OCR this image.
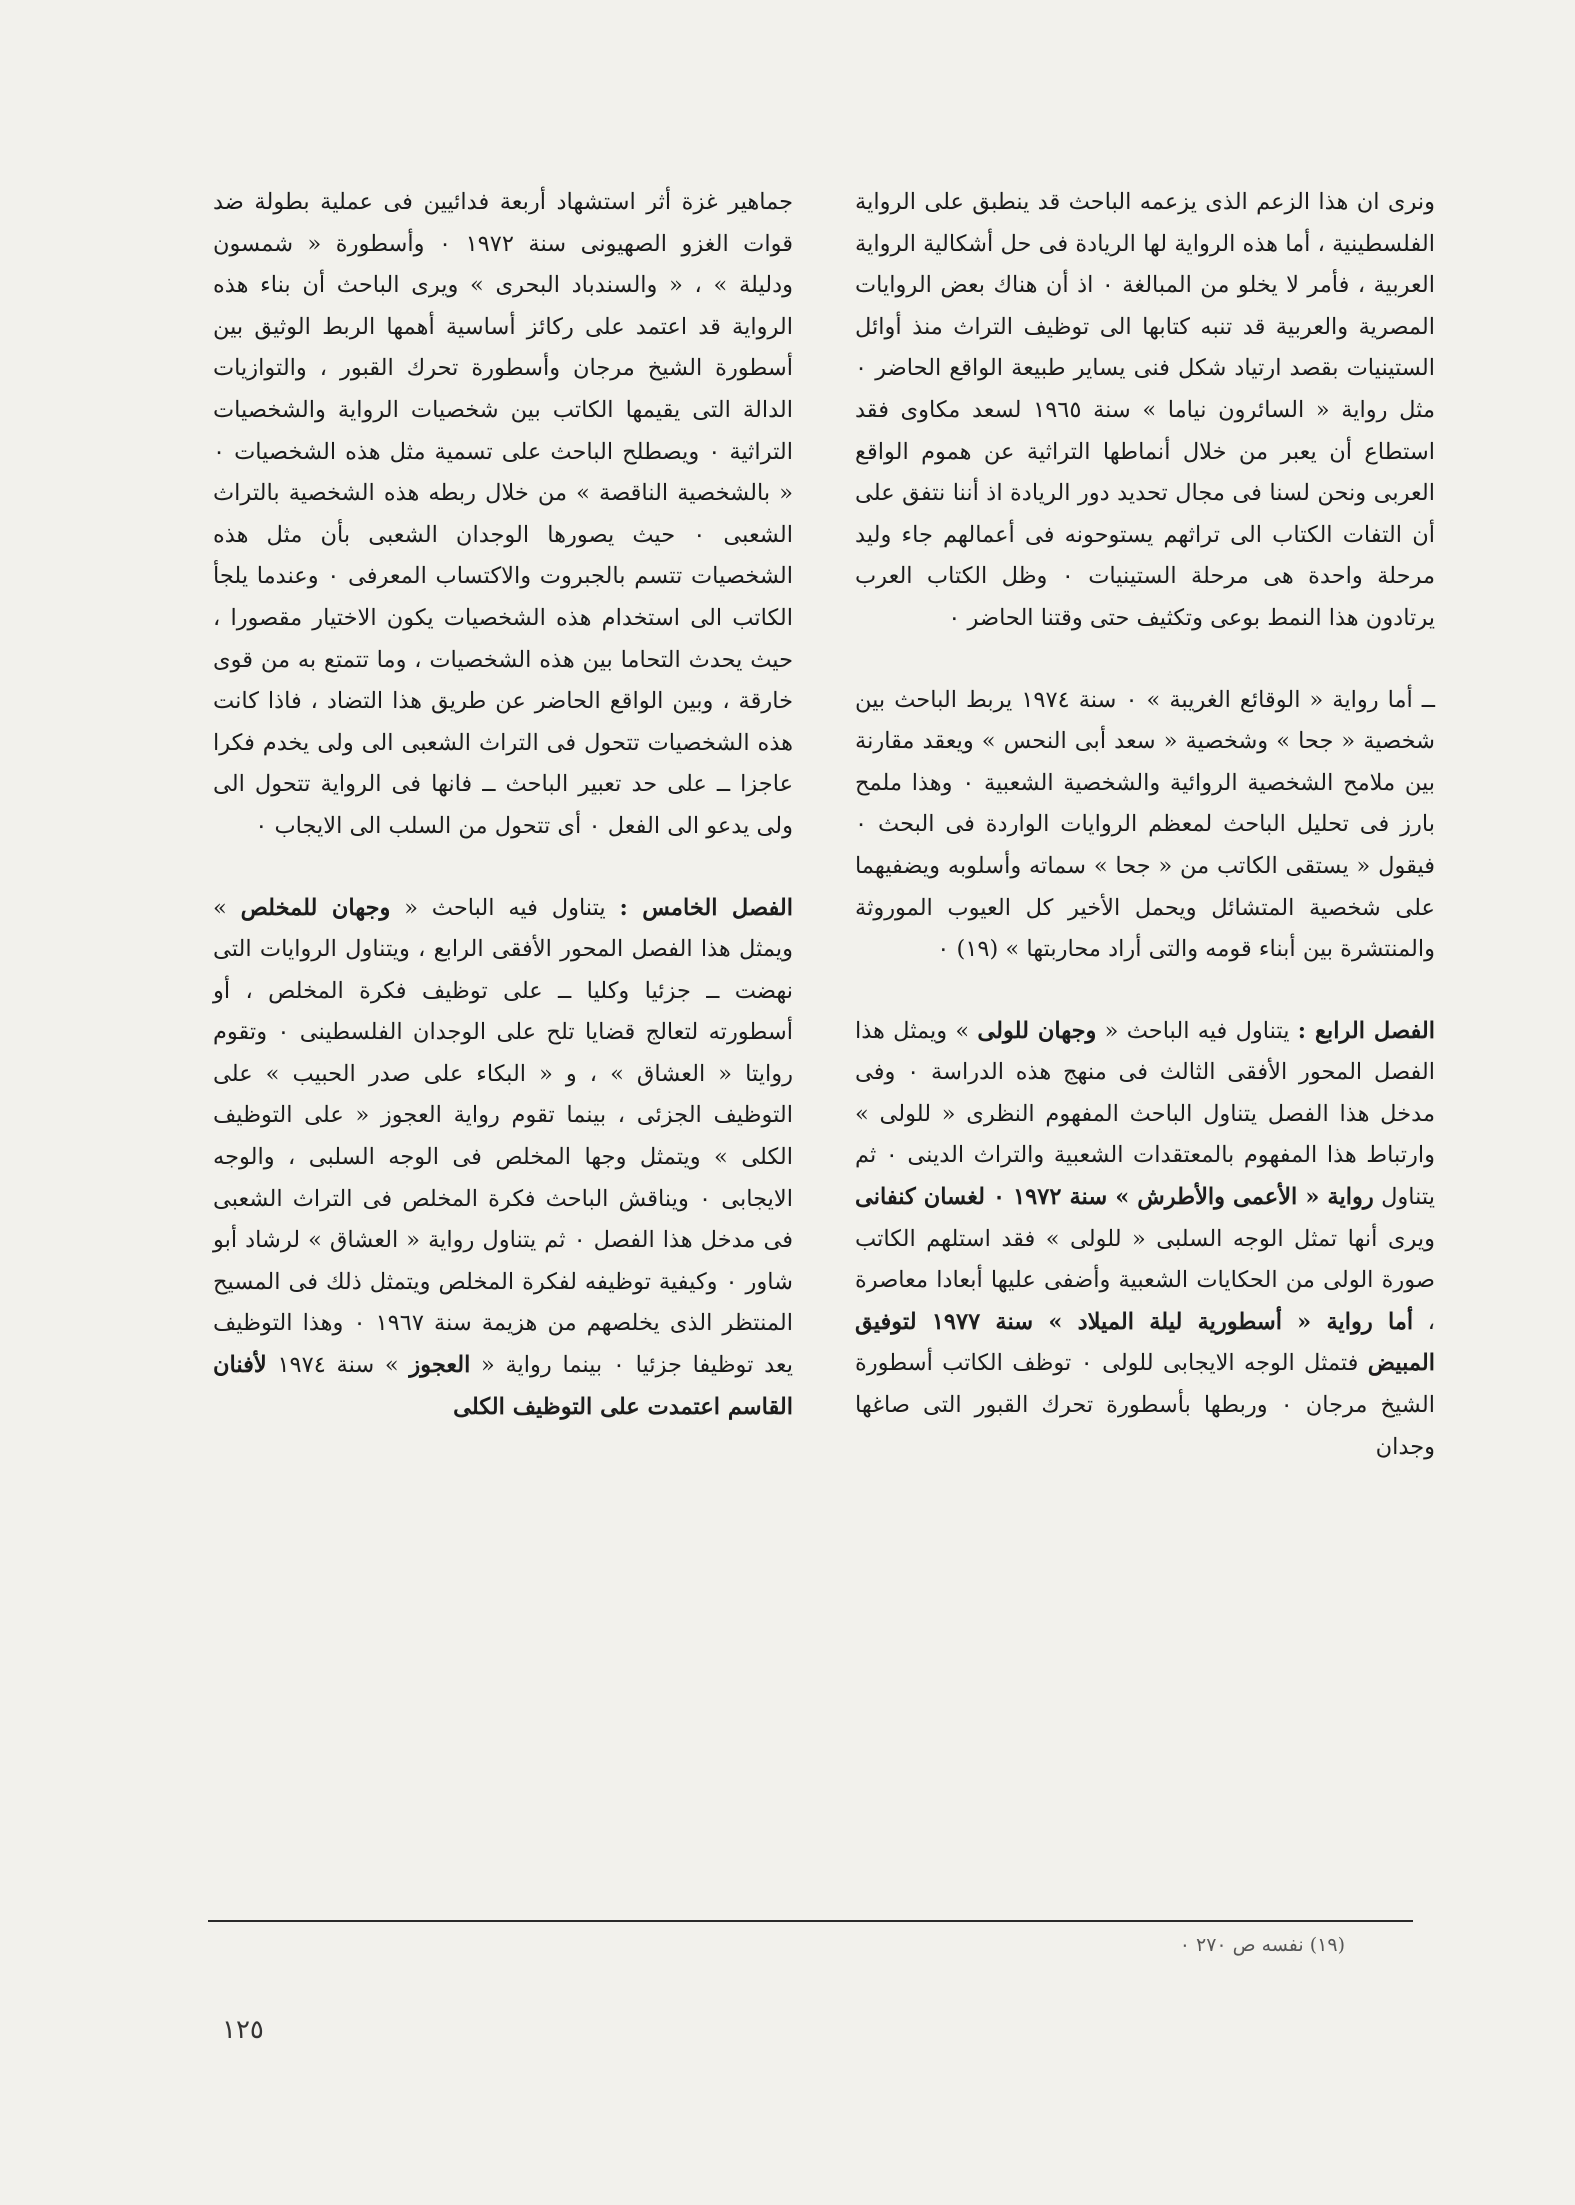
ونرى ان هذا الزعم الذى يزعمه الباحث قد ينطبق على الرواية الفلسطينية ، أما هذه الرواية لها الريادة فى حل أشكالية الرواية العربية ، فأمر لا يخلو من المبالغة ٠ اذ أن هناك بعض الروايات المصرية والعربية قد تنبه كتابها الى توظيف التراث منذ أوائل الستينيات بقصد ارتياد شكل فنى يساير طبيعة الواقع الحاضر ٠ مثل رواية « السائرون نياما » سنة ١٩٦٥ لسعد مكاوى فقد استطاع أن يعبر من خلال أنماطها التراثية عن هموم الواقع العربى ونحن لسنا فى مجال تحديد دور الريادة اذ أننا نتفق على أن التفات الكتاب الى تراثهم يستوحونه فى أعمالهم جاء وليد مرحلة واحدة هى مرحلة الستينيات ٠ وظل الكتاب العرب يرتادون هذا النمط بوعى وتكثيف حتى وقتنا الحاضر ٠

ــ أما رواية « الوقائع الغريبة » ٠ سنة ١٩٧٤ يربط الباحث بين شخصية « جحا » وشخصية « سعد أبى النحس » ويعقد مقارنة بين ملامح الشخصية الروائية والشخصية الشعبية ٠ وهذا ملمح بارز فى تحليل الباحث لمعظم الروايات الواردة فى البحث ٠ فيقول « يستقى الكاتب من « جحا » سماته وأسلوبه ويضفيهما على شخصية المتشائل ويحمل الأخير كل العيوب الموروثة والمنتشرة بين أبناء قومه والتى أراد محاربتها » (١٩) ٠

الفصل الرابع : يتناول فيه الباحث « وجهان للولى » ويمثل هذا الفصل المحور الأفقى الثالث فى منهج هذه الدراسة ٠ وفى مدخل هذا الفصل يتناول الباحث المفهوم النظرى « للولى » وارتباط هذا المفهوم بالمعتقدات الشعبية والتراث الدينى ٠ ثم يتناول رواية « الأعمى والأطرش » سنة ١٩٧٢ ٠ لغسان كنفانى ويرى أنها تمثل الوجه السلبى « للولى » فقد استلهم الكاتب صورة الولى من الحكايات الشعبية وأضفى عليها أبعادا معاصرة ، أما رواية « أسطورية ليلة الميلاد » سنة ١٩٧٧ لتوفيق المبيض فتمثل الوجه الايجابى للولى ٠ توظف الكاتب أسطورة الشيخ مرجان ٠ وربطها بأسطورة تحرك القبور التى صاغها وجدان

جماهير غزة أثر استشهاد أربعة فدائيين فى عملية بطولة ضد قوات الغزو الصهيونى سنة ١٩٧٢ ٠ وأسطورة « شمسون ودليلة » ، « والسندباد البحرى » ويرى الباحث أن بناء هذه الرواية قد اعتمد على ركائز أساسية أهمها الربط الوثيق بين أسطورة الشيخ مرجان وأسطورة تحرك القبور ، والتوازيات الدالة التى يقيمها الكاتب بين شخصيات الرواية والشخصيات التراثية ٠ ويصطلح الباحث على تسمية مثل هذه الشخصيات ٠ « بالشخصية الناقصة » من خلال ربطه هذه الشخصية بالتراث الشعبى ٠ حيث يصورها الوجدان الشعبى بأن مثل هذه الشخصيات تتسم بالجبروت والاكتساب المعرفى ٠ وعندما يلجأ الكاتب الى استخدام هذه الشخصيات يكون الاختيار مقصورا ، حيث يحدث التحاما بين هذه الشخصيات ، وما تتمتع به من قوى خارقة ، وبين الواقع الحاضر عن طريق هذا التضاد ، فاذا كانت هذه الشخصيات تتحول فى التراث الشعبى الى ولى يخدم فكرا عاجزا ــ على حد تعبير الباحث ــ فانها فى الرواية تتحول الى ولى يدعو الى الفعل ٠ أى تتحول من السلب الى الايجاب ٠

الفصل الخامس : يتناول فيه الباحث « وجهان للمخلص » ويمثل هذا الفصل المحور الأفقى الرابع ، ويتناول الروايات التى نهضت ــ جزئيا وكليا ــ على توظيف فكرة المخلص ، أو أسطورته لتعالج قضايا تلح على الوجدان الفلسطينى ٠ وتقوم روايتا « العشاق » ، و « البكاء على صدر الحبيب » على التوظيف الجزئى ، بينما تقوم رواية العجوز « على التوظيف الكلى » ويتمثل وجها المخلص فى الوجه السلبى ، والوجه الايجابى ٠ ويناقش الباحث فكرة المخلص فى التراث الشعبى فى مدخل هذا الفصل ٠ ثم يتناول رواية « العشاق » لرشاد أبو شاور ٠ وكيفية توظيفه لفكرة المخلص ويتمثل ذلك فى المسيح المنتظر الذى يخلصهم من هزيمة سنة ١٩٦٧ ٠ وهذا التوظيف يعد توظيفا جزئيا ٠ بينما رواية « العجوز » سنة ١٩٧٤ لأفنان القاسم اعتمدت على التوظيف الكلى

(١٩) نفسه ص ٢٧٠ ٠
١٢٥
